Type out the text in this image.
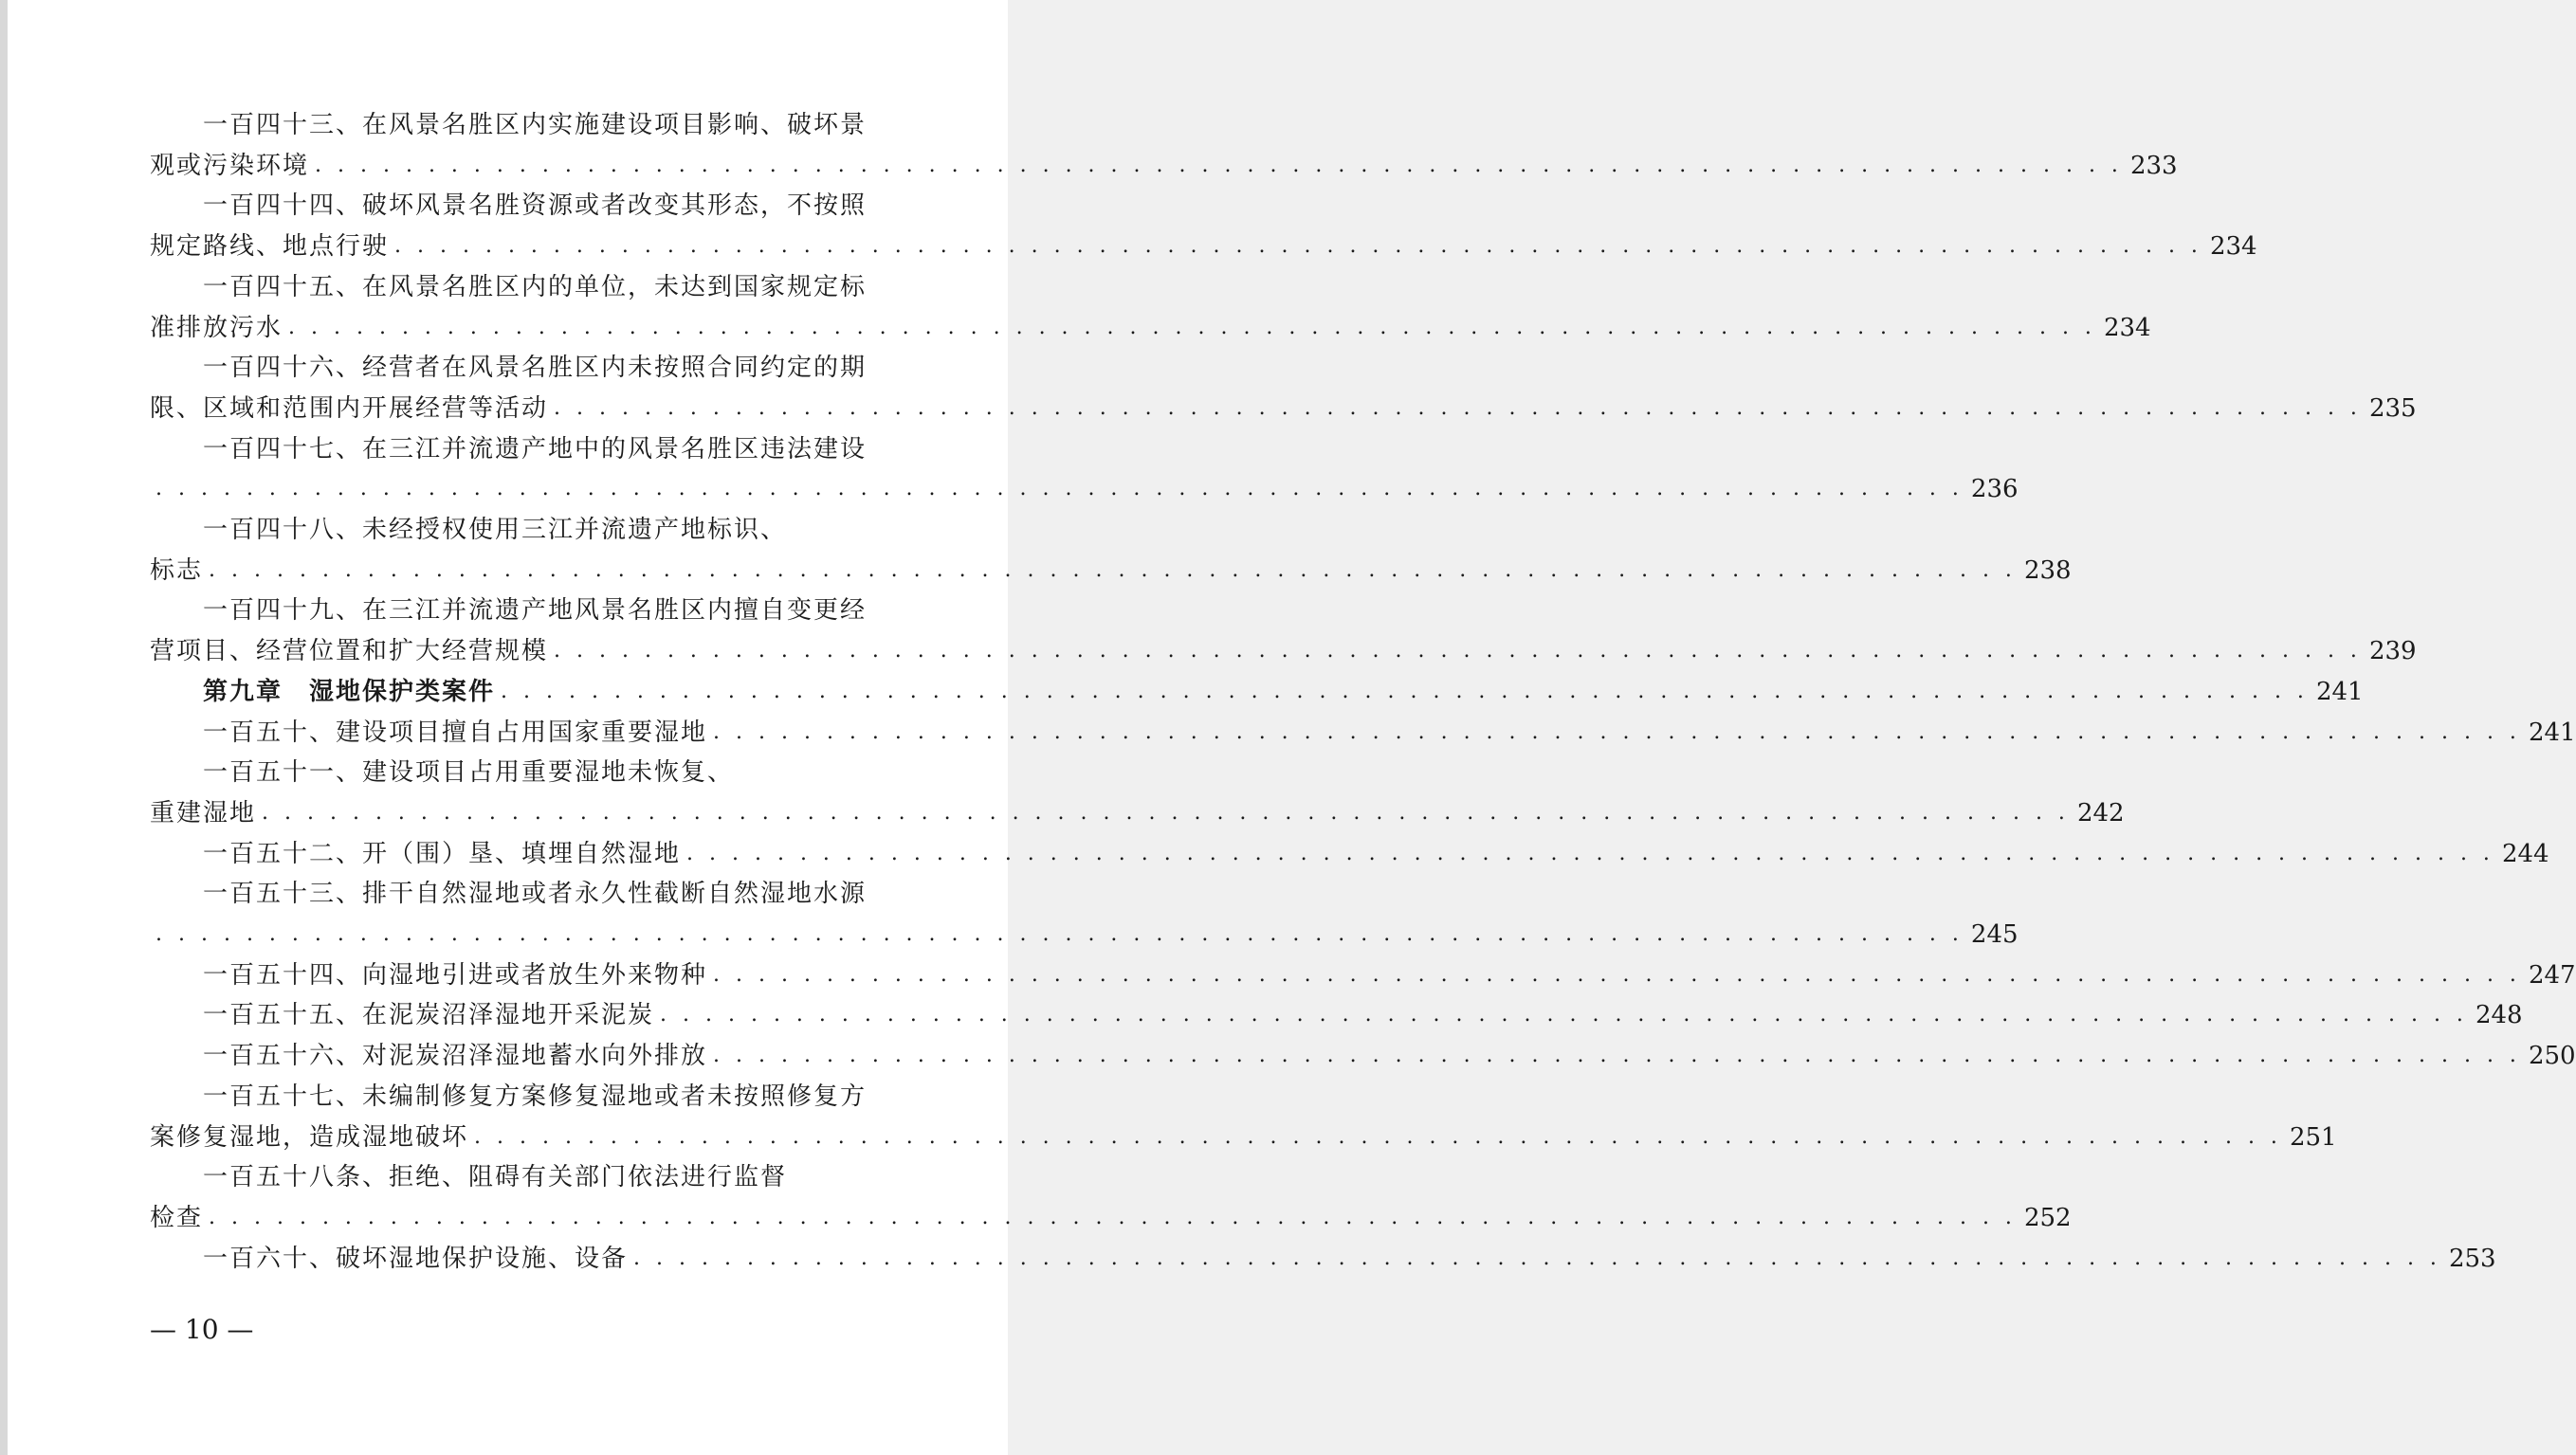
一百四十三、在风景名胜区内实施建设项目影响、破坏景
观或污染环境 . . . . . . . . . . . . . . . . . . . . . . . . . . . . . . . . . . . . . . . . . . . . . . . . . . . . . . . . . . . . . . . . . . . . . . . . . . . . . . . . 233
一百四十四、破坏风景名胜资源或者改变其形态，不按照
规定路线、地点行驶 . . . . . . . . . . . . . . . . . . . . . . . . . . . . . . . . . . . . . . . . . . . . . . . . . . . . . . . . . . . . . . . . . . . . . . . . . . . . . . . . 234
一百四十五、在风景名胜区内的单位，未达到国家规定标
准排放污水 . . . . . . . . . . . . . . . . . . . . . . . . . . . . . . . . . . . . . . . . . . . . . . . . . . . . . . . . . . . . . . . . . . . . . . . . . . . . . . . . 234
一百四十六、经营者在风景名胜区内未按照合同约定的期
限、区域和范围内开展经营等活动 . . . . . . . . . . . . . . . . . . . . . . . . . . . . . . . . . . . . . . . . . . . . . . . . . . . . . . . . . . . . . . . . . . . . . . . . . . . . . . . . 235
一百四十七、在三江并流遗产地中的风景名胜区违法建设
. . . . . . . . . . . . . . . . . . . . . . . . . . . . . . . . . . . . . . . . . . . . . . . . . . . . . . . . . . . . . . . . . . . . . . . . . . . . . . . . 236
一百四十八、未经授权使用三江并流遗产地标识、
标志 . . . . . . . . . . . . . . . . . . . . . . . . . . . . . . . . . . . . . . . . . . . . . . . . . . . . . . . . . . . . . . . . . . . . . . . . . . . . . . . . 238
一百四十九、在三江并流遗产地风景名胜区内擅自变更经
营项目、经营位置和扩大经营规模 . . . . . . . . . . . . . . . . . . . . . . . . . . . . . . . . . . . . . . . . . . . . . . . . . . . . . . . . . . . . . . . . . . . . . . . . . . . . . . . . 239
第九章　湿地保护类案件 . . . . . . . . . . . . . . . . . . . . . . . . . . . . . . . . . . . . . . . . . . . . . . . . . . . . . . . . . . . . . . . . . . . . . . . . . . . . . . . . 241
一百五十、建设项目擅自占用国家重要湿地 . . . . . . . . . . . . . . . . . . . . . . . . . . . . . . . . . . . . . . . . . . . . . . . . . . . . . . . . . . . . . . . . . . . . . . . . . . . . . . . . 241
一百五十一、建设项目占用重要湿地未恢复、
重建湿地 . . . . . . . . . . . . . . . . . . . . . . . . . . . . . . . . . . . . . . . . . . . . . . . . . . . . . . . . . . . . . . . . . . . . . . . . . . . . . . . . 242
一百五十二、开（围）垦、填埋自然湿地 . . . . . . . . . . . . . . . . . . . . . . . . . . . . . . . . . . . . . . . . . . . . . . . . . . . . . . . . . . . . . . . . . . . . . . . . . . . . . . . . 244
一百五十三、排干自然湿地或者永久性截断自然湿地水源
. . . . . . . . . . . . . . . . . . . . . . . . . . . . . . . . . . . . . . . . . . . . . . . . . . . . . . . . . . . . . . . . . . . . . . . . . . . . . . . . 245
一百五十四、向湿地引进或者放生外来物种 . . . . . . . . . . . . . . . . . . . . . . . . . . . . . . . . . . . . . . . . . . . . . . . . . . . . . . . . . . . . . . . . . . . . . . . . . . . . . . . . 247
一百五十五、在泥炭沼泽湿地开采泥炭 . . . . . . . . . . . . . . . . . . . . . . . . . . . . . . . . . . . . . . . . . . . . . . . . . . . . . . . . . . . . . . . . . . . . . . . . . . . . . . . . 248
一百五十六、对泥炭沼泽湿地蓄水向外排放 . . . . . . . . . . . . . . . . . . . . . . . . . . . . . . . . . . . . . . . . . . . . . . . . . . . . . . . . . . . . . . . . . . . . . . . . . . . . . . . . 250
一百五十七、未编制修复方案修复湿地或者未按照修复方
案修复湿地，造成湿地破坏 . . . . . . . . . . . . . . . . . . . . . . . . . . . . . . . . . . . . . . . . . . . . . . . . . . . . . . . . . . . . . . . . . . . . . . . . . . . . . . . . 251
一百五十八条、拒绝、阻碍有关部门依法进行监督
检查 . . . . . . . . . . . . . . . . . . . . . . . . . . . . . . . . . . . . . . . . . . . . . . . . . . . . . . . . . . . . . . . . . . . . . . . . . . . . . . . . 252
一百六十、破坏湿地保护设施、设备 . . . . . . . . . . . . . . . . . . . . . . . . . . . . . . . . . . . . . . . . . . . . . . . . . . . . . . . . . . . . . . . . . . . . . . . . . . . . . . . . 253
— 10 —
